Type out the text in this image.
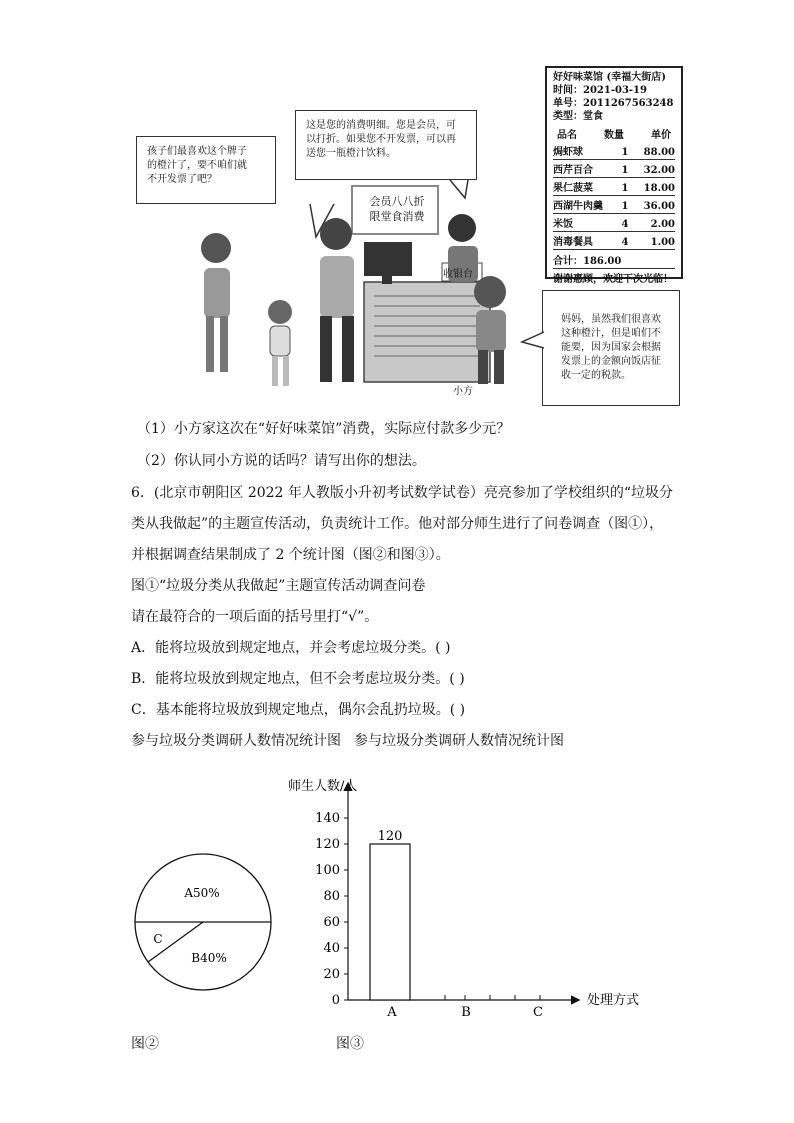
孩子们最喜欢这个牌子
的橙汁了，要不咱们就
不开发票了吧？
这是您的消费明细。您是会员，可
以打折。如果您不开发票，可以再
送您一瓶橙汁饮料。
妈妈，虽然我们很喜欢
这种橙汁，但是咱们不
能要，因为国家会根据
发票上的金额向饭店征
收一定的税款。
会员八八折
限堂食消费
收银台
小方
好好味菜馆 (幸福大街店)
时间：2021-03-19
单号：2011267563248
类型：堂食
品名	数量	单价
焗虾球	1	88.00
西芹百合	1	32.00
果仁菠菜	1	18.00
西湖牛肉羹	1	36.00
米饭	4	2.00
消毒餐具	4	1.00
合计：186.00
谢谢惠顾，欢迎下次光临！
（1）小方家这次在“好好味菜馆”消费，实际应付款多少元？
（2）你认同小方说的话吗？请写出你的想法。
6．(北京市朝阳区 2022 年人教版小升初考试数学试卷）亮亮参加了学校组织的“垃圾分
类从我做起”的主题宣传活动，负责统计工作。他对部分师生进行了问卷调查（图①），
并根据调查结果制成了 2 个统计图（图②和图③）。
图①“垃圾分类从我做起”主题宣传活动调查问卷
请在最符合的一项后面的括号里打“√”。
A．能将垃圾放到规定地点，并会考虑垃圾分类。( )
B．能将垃圾放到规定地点，但不会考虑垃圾分类。( )
C．基本能将垃圾放到规定地点，偶尔会乱扔垃圾。( )
参与垃圾分类调研人数情况统计图 参与垃圾分类调研人数情况统计图
A50%
B40%
C
师生人数/人
处理方式
0
20
40
60
80
100
120
140
120
A	B	C
图②	图③
